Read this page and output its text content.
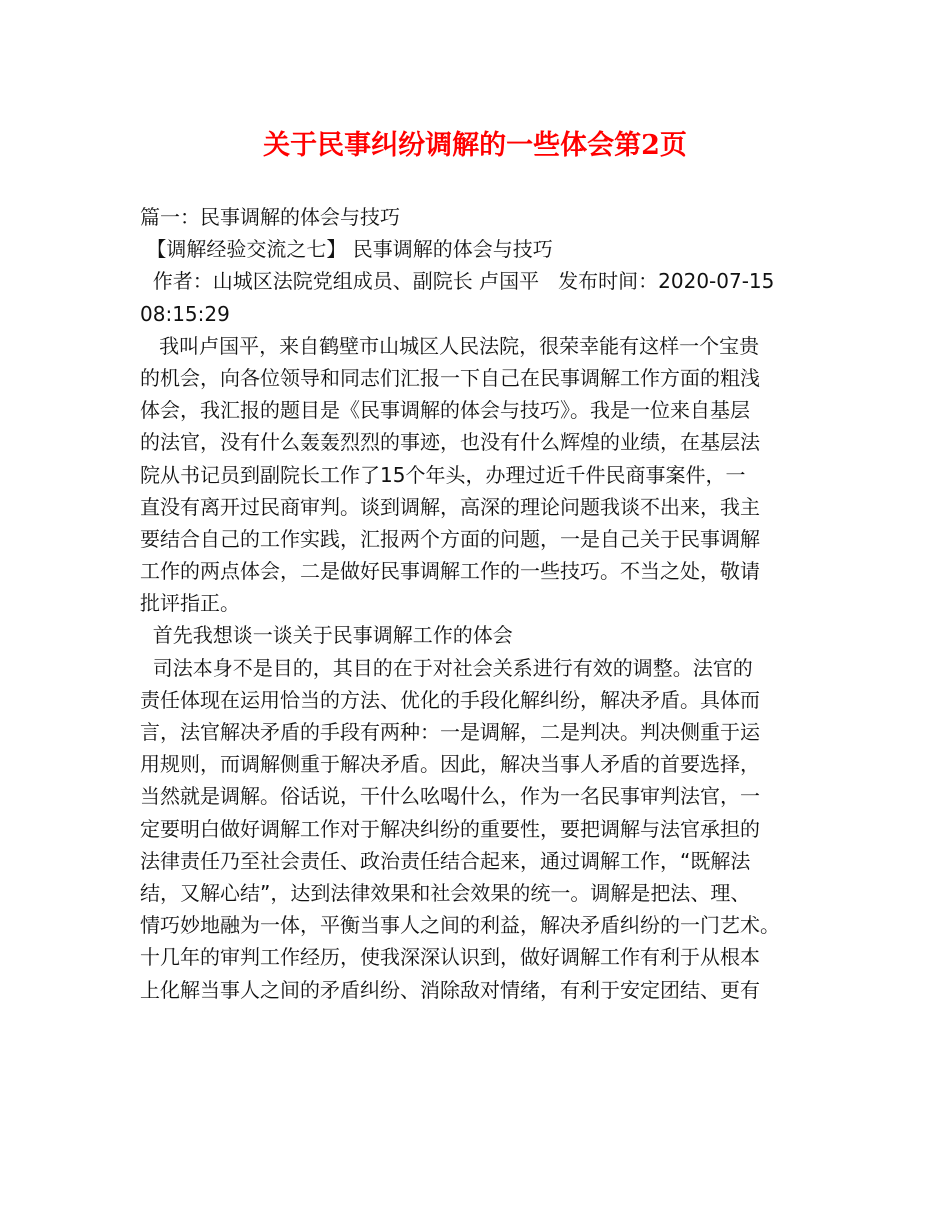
关于民事纠纷调解的一些体会第2页
篇一：民事调解的体会与技巧
【调解经验交流之七】 民事调解的体会与技巧
作者：山城区法院党组成员、副院长 卢国平   发布时间：2020-07-15
08:15:29
我叫卢国平，来自鹤壁市山城区人民法院，很荣幸能有这样一个宝贵
的机会，向各位领导和同志们汇报一下自己在民事调解工作方面的粗浅
体会，我汇报的题目是《民事调解的体会与技巧》。我是一位来自基层
的法官，没有什么轰轰烈烈的事迹，也没有什么辉煌的业绩，在基层法
院从书记员到副院长工作了15个年头，办理过近千件民商事案件，一
直没有离开过民商审判。谈到调解，高深的理论问题我谈不出来，我主
要结合自己的工作实践，汇报两个方面的问题，一是自己关于民事调解
工作的两点体会，二是做好民事调解工作的一些技巧。不当之处，敬请
批评指正。
首先我想谈一谈关于民事调解工作的体会
司法本身不是目的，其目的在于对社会关系进行有效的调整。法官的
责任体现在运用恰当的方法、优化的手段化解纠纷，解决矛盾。具体而
言，法官解决矛盾的手段有两种：一是调解，二是判决。判决侧重于运
用规则，而调解侧重于解决矛盾。因此，解决当事人矛盾的首要选择，
当然就是调解。俗话说，干什么吆喝什么，作为一名民事审判法官，一
定要明白做好调解工作对于解决纠纷的重要性，要把调解与法官承担的
法律责任乃至社会责任、政治责任结合起来，通过调解工作，“既解法
结，又解心结”，达到法律效果和社会效果的统一。调解是把法、理、
情巧妙地融为一体，平衡当事人之间的利益，解决矛盾纠纷的一门艺术。
十几年的审判工作经历，使我深深认识到，做好调解工作有利于从根本
上化解当事人之间的矛盾纠纷、消除敌对情绪，有利于安定团结、更有
